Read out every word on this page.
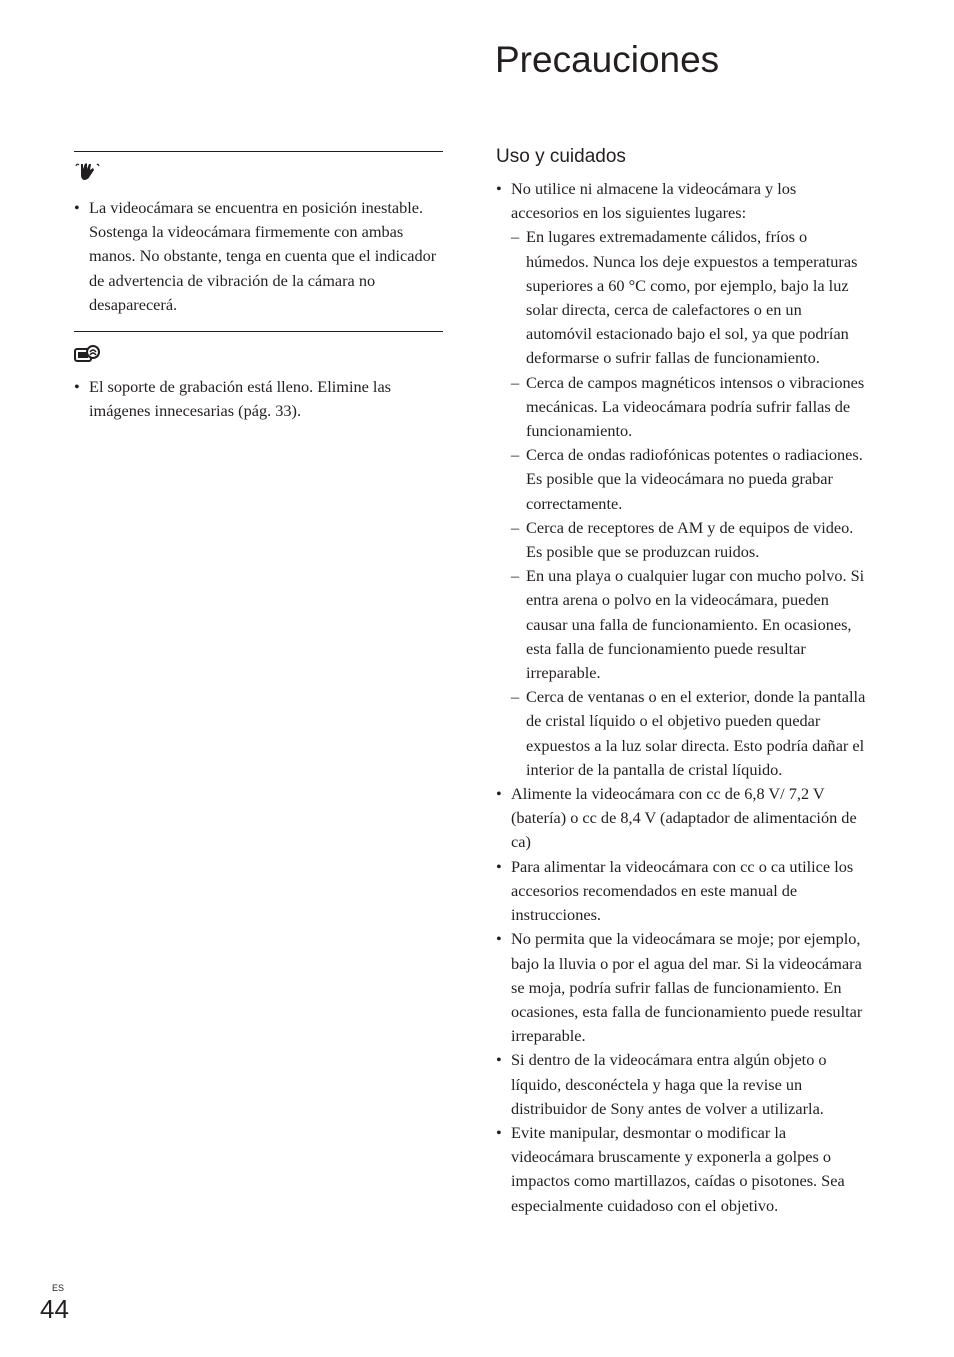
Precauciones
• La videocámara se encuentra en posición inestable. Sostenga la videocámara firmemente con ambas manos. No obstante, tenga en cuenta que el indicador de advertencia de vibración de la cámara no desaparecerá.
• El soporte de grabación está lleno. Elimine las imágenes innecesarias (pág. 33).
Uso y cuidados
• No utilice ni almacene la videocámara y los accesorios en los siguientes lugares:
– En lugares extremadamente cálidos, fríos o húmedos. Nunca los deje expuestos a temperaturas superiores a 60 °C como, por ejemplo, bajo la luz solar directa, cerca de calefactores o en un automóvil estacionado bajo el sol, ya que podrían deformarse o sufrir fallas de funcionamiento.
– Cerca de campos magnéticos intensos o vibraciones mecánicas. La videocámara podría sufrir fallas de funcionamiento.
– Cerca de ondas radiofónicas potentes o radiaciones. Es posible que la videocámara no pueda grabar correctamente.
– Cerca de receptores de AM y de equipos de video. Es posible que se produzcan ruidos.
– En una playa o cualquier lugar con mucho polvo. Si entra arena o polvo en la videocámara, pueden causar una falla de funcionamiento. En ocasiones, esta falla de funcionamiento puede resultar irreparable.
– Cerca de ventanas o en el exterior, donde la pantalla de cristal líquido o el objetivo pueden quedar expuestos a la luz solar directa. Esto podría dañar el interior de la pantalla de cristal líquido.
• Alimente la videocámara con cc de 6,8 V/ 7,2 V (batería) o cc de 8,4 V (adaptador de alimentación de ca)
• Para alimentar la videocámara con cc o ca utilice los accesorios recomendados en este manual de instrucciones.
• No permita que la videocámara se moje; por ejemplo, bajo la lluvia o por el agua del mar. Si la videocámara se moja, podría sufrir fallas de funcionamiento. En ocasiones, esta falla de funcionamiento puede resultar irreparable.
• Si dentro de la videocámara entra algún objeto o líquido, desconéctela y haga que la revise un distribuidor de Sony antes de volver a utilizarla.
• Evite manipular, desmontar o modificar la videocámara bruscamente y exponerla a golpes o impactos como martillazos, caídas o pisotones. Sea especialmente cuidadoso con el objetivo.
ES
44
